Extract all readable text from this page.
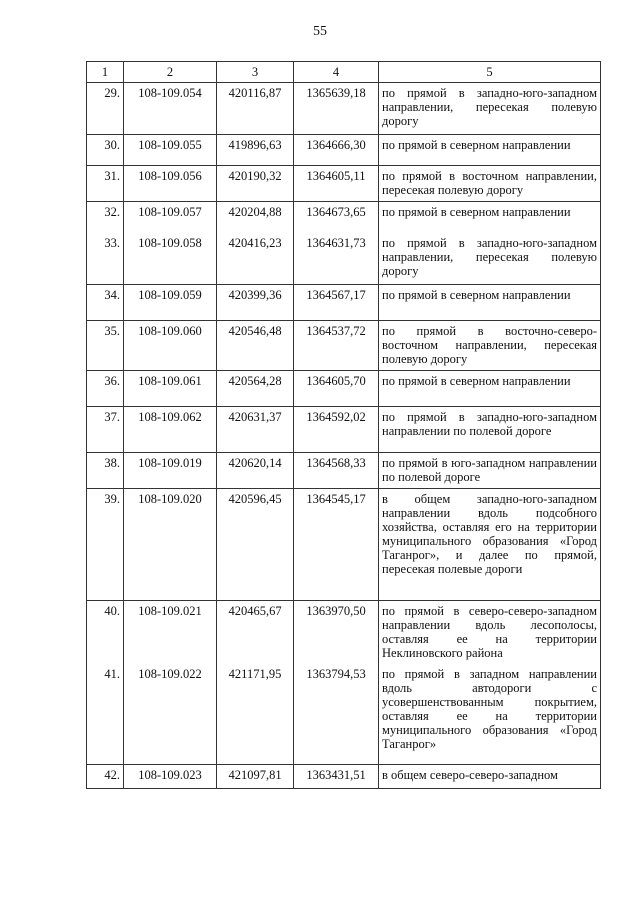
55
1	2	3	4	5
29.	108-109.054	420116,87	1365639,18	по прямой в западно-юго-западном направлении, пересекая полевую дорогу
30.	108-109.055	419896,63	1364666,30	по прямой в северном направлении
31.	108-109.056	420190,32	1364605,11	по прямой в восточном направлении, пересекая полевую дорогу
32.	108-109.057	420204,88	1364673,65	по прямой в северном направлении
33.	108-109.058	420416,23	1364631,73	по прямой в западно-юго-западном направлении, пересекая полевую дорогу
34.	108-109.059	420399,36	1364567,17	по прямой в северном направлении
35.	108-109.060	420546,48	1364537,72	по прямой в восточно-северо-восточном направлении, пересекая полевую дорогу
36.	108-109.061	420564,28	1364605,70	по прямой в северном направлении
37.	108-109.062	420631,37	1364592,02	по прямой в западно-юго-западном направлении по полевой дороге
38.	108-109.019	420620,14	1364568,33	по прямой в юго-западном направлении по полевой дороге
39.	108-109.020	420596,45	1364545,17	в общем западно-юго-западном направлении вдоль подсобного хозяйства, оставляя его на территории муниципального образования «Город Таганрог», и далее по прямой, пересекая полевые дороги
40.	108-109.021	420465,67	1363970,50	по прямой в северо-северо-западном направлении вдоль лесополосы, оставляя ее на территории Неклиновского района
41.	108-109.022	421171,95	1363794,53	по прямой в западном направлении вдоль автодороги с усовершенствованным покрытием, оставляя ее на территории муниципального образования «Город Таганрог»
42.	108-109.023	421097,81	1363431,51	в общем северо-северо-западном
